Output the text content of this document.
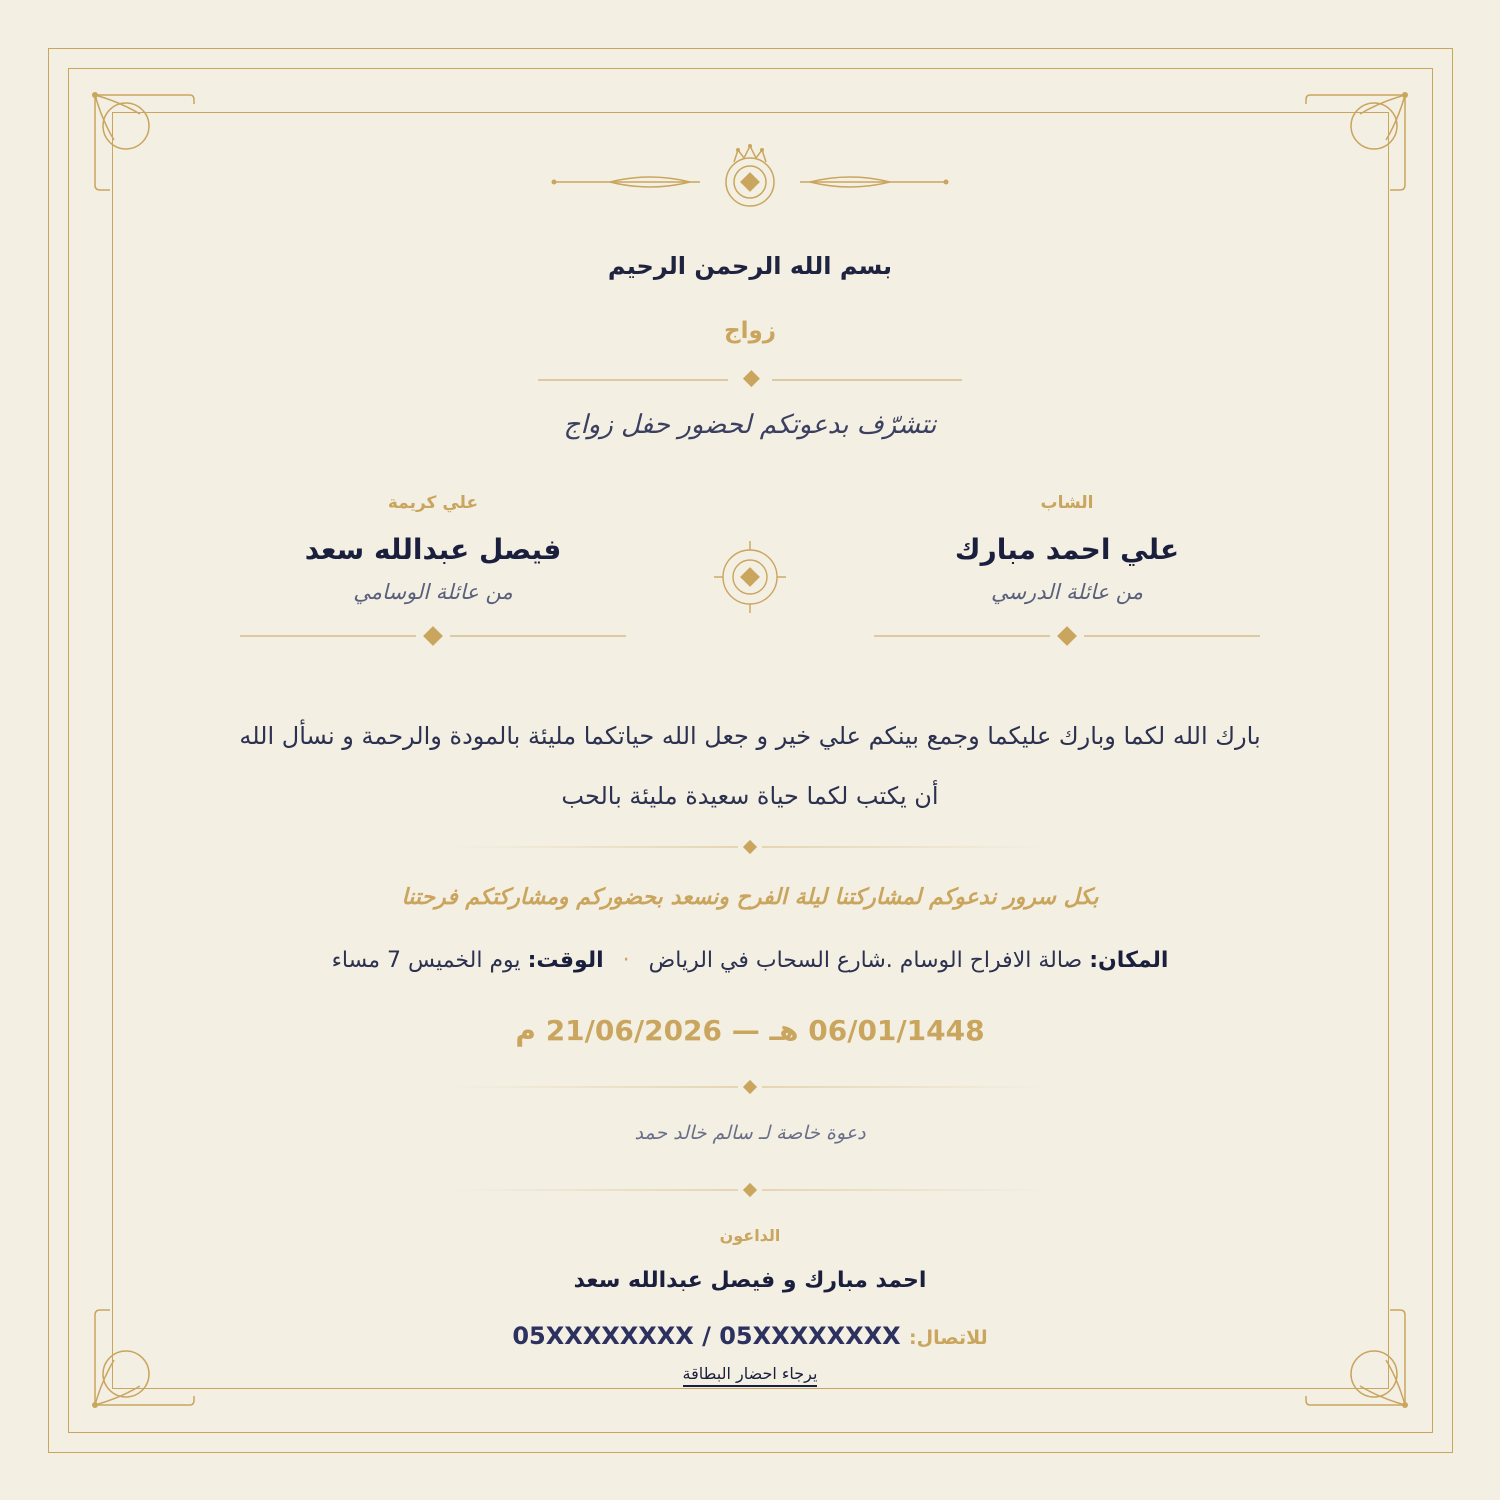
بسم الله الرحمن الرحيم
زواج
نتشرّف بدعوتكم لحضور حفل زواج
الشاب
علي احمد مبارك
من عائلة الدرسي
علي كريمة
فيصل عبدالله سعد
من عائلة الوسامي
بارك الله لكما وبارك عليكما وجمع بينكم علي خير و جعل الله حياتكما مليئة بالمودة والرحمة و نسأل الله
أن يكتب لكما حياة سعيدة مليئة بالحب
بكل سرور ندعوكم لمشاركتنا ليلة الفرح ونسعد بحضوركم ومشاركتكم فرحتنا
المكان: صالة الافراح الوسام .شارع السحاب في الرياض · الوقت: يوم الخميس 7 مساء
06/01/1448 هـ — 21/06/2026 م
دعوة خاصة لـ سالم خالد حمد
الداعون
احمد مبارك و فيصل عبدالله سعد
للاتصال: 05XXXXXXXX / 05XXXXXXXX
يرجاء احضار البطاقة
